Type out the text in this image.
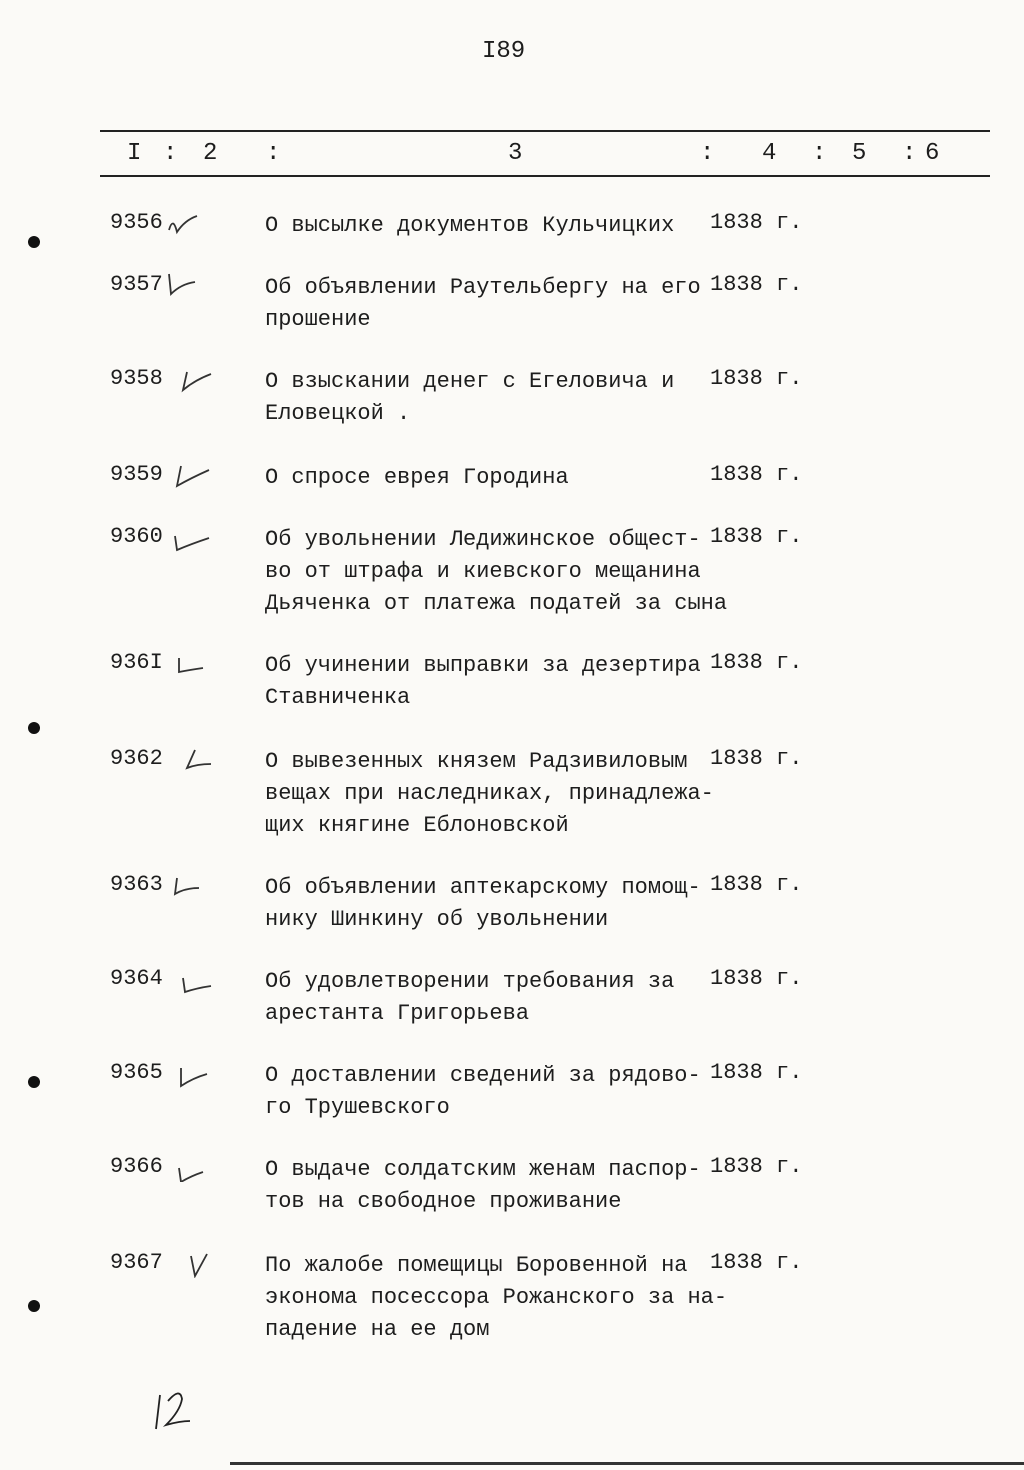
I89
I : 2 :	3	: 4 : 5 : 6
9356	О высылке документов Кульчицких	1838 г.
9357	Об объявлении Раутельбергу на его
прошение
1838 г.
9358	О взыскании денег с Егеловича и
Еловецкой .
1838 г.
9359	О спросе еврея Городина	1838 г.
9360	Об увольнении Ледижинское общест-
во от штрафа и киевского мещанина
Дьяченка от платежа податей за сына
1838 г.
936I	Об учинении выправки за дезертира
Ставниченка
1838 г.
9362	О вывезенных князем Радзивиловым
вещах при наследниках, принадлежа-
щих княгине Еблоновской
1838 г.
9363	Об объявлении аптекарскому помощ-
нику Шинкину об увольнении
1838 г.
9364	Об удовлетворении требования за
арестанта Григорьева
1838 г.
9365	О доставлении сведений за рядово-
го Трушевского
1838 г.
9366	О выдаче солдатским женам паспор-
тов на свободное проживание
1838 г.
9367	По жалобе помещицы Боровенной на
эконома посессора Рожанского за на-
падение на ее дом
1838 г.
